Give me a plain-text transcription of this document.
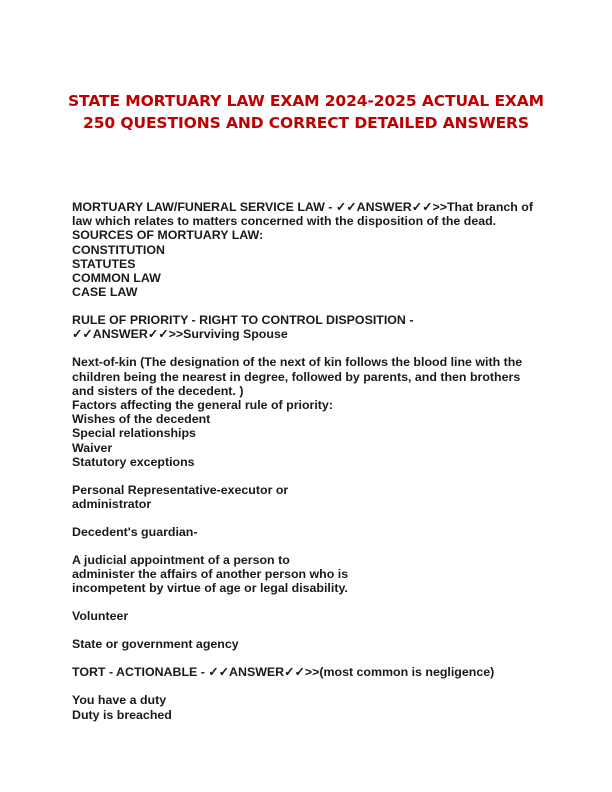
STATE MORTUARY LAW EXAM 2024-2025 ACTUAL EXAM
250 QUESTIONS AND CORRECT DETAILED ANSWERS
MORTUARY LAW/FUNERAL SERVICE LAW - ✓✓ANSWER✓✓>>That branch of
law which relates to matters concerned with the disposition of the dead.
SOURCES OF MORTUARY LAW:
CONSTITUTION
STATUTES
COMMON LAW
CASE LAW
RULE OF PRIORITY - RIGHT TO CONTROL DISPOSITION -
✓✓ANSWER✓✓>>Surviving Spouse
Next-of-kin (The designation of the next of kin follows the blood line with the
children being the nearest in degree, followed by parents, and then brothers
and sisters of the decedent. )
Factors affecting the general rule of priority:
Wishes of the decedent
Special relationships
Waiver
Statutory exceptions
Personal Representative-executor or
administrator
Decedent's guardian-
A judicial appointment of a person to
administer the affairs of another person who is
incompetent by virtue of age or legal disability.
Volunteer
State or government agency
TORT - ACTIONABLE - ✓✓ANSWER✓✓>>(most common is negligence)
You have a duty
Duty is breached
